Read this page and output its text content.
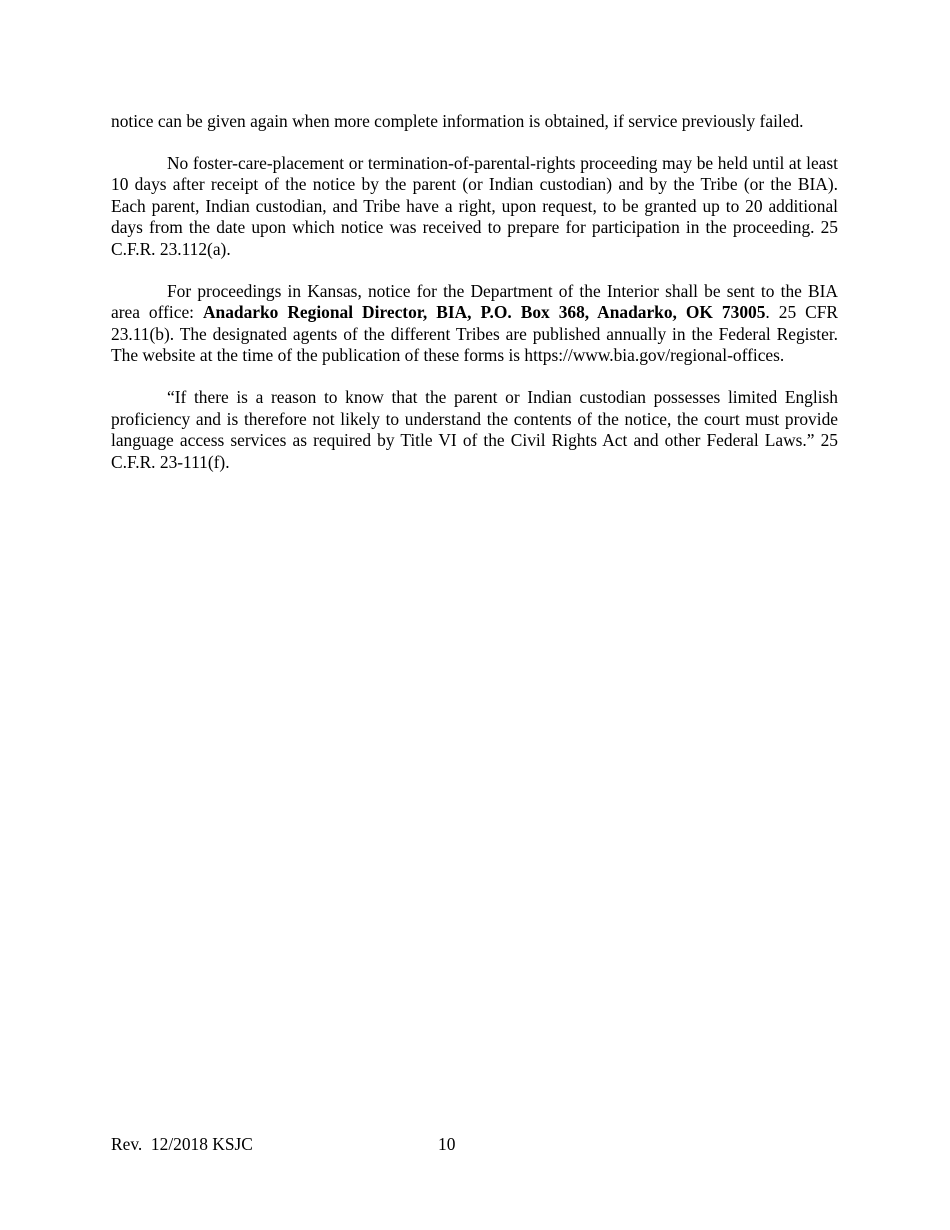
notice can be given again when more complete information is obtained, if service previously failed.

No foster-care-placement or termination-of-parental-rights proceeding may be held until at least 10 days after receipt of the notice by the parent (or Indian custodian) and by the Tribe (or the BIA). Each parent, Indian custodian, and Tribe have a right, upon request, to be granted up to 20 additional days from the date upon which notice was received to prepare for participation in the proceeding. 25 C.F.R. 23.112(a).

For proceedings in Kansas, notice for the Department of the Interior shall be sent to the BIA area office: Anadarko Regional Director, BIA, P.O. Box 368, Anadarko, OK 73005. 25 CFR 23.11(b). The designated agents of the different Tribes are published annually in the Federal Register. The website at the time of the publication of these forms is https://www.bia.gov/regional-offices.

“If there is a reason to know that the parent or Indian custodian possesses limited English proficiency and is therefore not likely to understand the contents of the notice, the court must provide language access services as required by Title VI of the Civil Rights Act and other Federal Laws.” 25 C.F.R. 23-111(f).

Rev.  12/2018 KSJC	10
